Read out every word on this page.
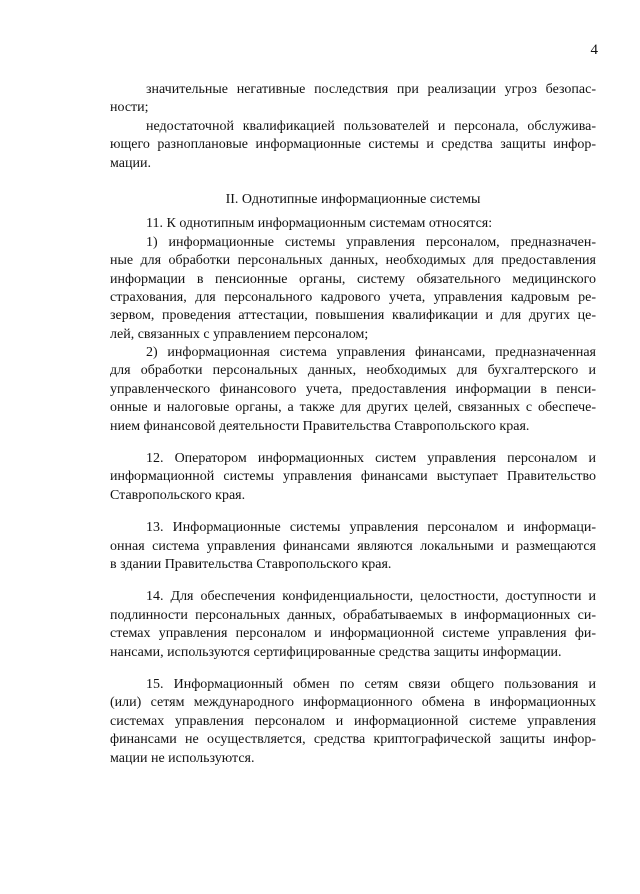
4
значительные негативные последствия при реализации угроз безопас-
ности;
недостаточной квалификацией пользователей и персонала, обслужива-
ющего разноплановые информационные системы и средства защиты инфор-
мации.
II. Однотипные информационные системы
11. К однотипным информационным системам относятся:
1) информационные системы управления персоналом, предназначен-
ные для обработки персональных данных, необходимых для предоставления
информации в пенсионные органы, систему обязательного медицинского
страхования, для персонального кадрового учета, управления кадровым ре-
зервом, проведения аттестации, повышения квалификации и для других це-
лей, связанных с управлением персоналом;
2) информационная система управления финансами, предназначенная
для обработки персональных данных, необходимых для бухгалтерского и
управленческого финансового учета, предоставления информации в пенси-
онные и налоговые органы, а также для других целей, связанных с обеспече-
нием финансовой деятельности Правительства Ставропольского края.
12. Оператором информационных систем управления персоналом и
информационной системы управления финансами выступает Правительство
Ставропольского края.
13. Информационные системы управления персоналом и информаци-
онная система управления финансами являются локальными и размещаются
в здании Правительства Ставропольского края.
14. Для обеспечения конфиденциальности, целостности, доступности и
подлинности персональных данных, обрабатываемых в информационных си-
стемах управления персоналом и информационной системе управления фи-
нансами, используются сертифицированные средства защиты информации.
15. Информационный обмен по сетям связи общего пользования и
(или) сетям международного информационного обмена в информационных
системах управления персоналом и информационной системе управления
финансами не осуществляется, средства криптографической защиты инфор-
мации не используются.
